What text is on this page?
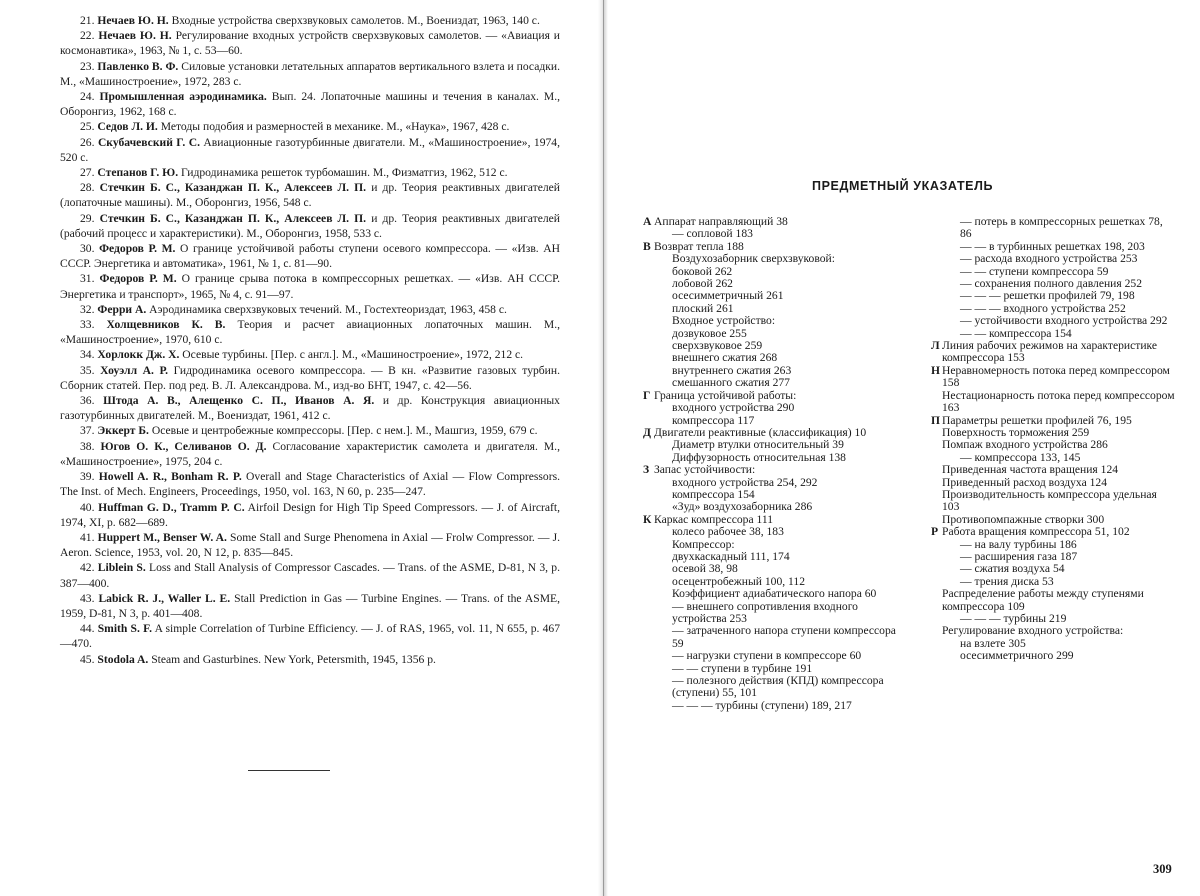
21. Нечаев Ю. Н. Входные устройства сверхзвуковых самолетов. М., Воениздат, 1963, 140 с.

22. Нечаев Ю. Н. Регулирование входных устройств сверхзвуковых самолетов. — «Авиация и космонавтика», 1963, № 1, с. 53—60.

23. Павленко В. Ф. Силовые установки летательных аппаратов вертикального взлета и посадки. М., «Машиностроение», 1972, 283 с.

24. Промышленная аэродинамика. Вып. 24. Лопаточные машины и течения в каналах. М., Оборонгиз, 1962, 168 с.

25. Седов Л. И. Методы подобия и размерностей в механике. М., «Наука», 1967, 428 с.

26. Скубачевский Г. С. Авиационные газотурбинные двигатели. М., «Машиностроение», 1974, 520 с.

27. Степанов Г. Ю. Гидродинамика решеток турбомашин. М., Физматгиз, 1962, 512 с.

28. Стечкин Б. С., Казанджан П. К., Алексеев Л. П. и др. Теория реактивных двигателей (лопаточные машины). М., Оборонгиз, 1956, 548 с.

29. Стечкин Б. С., Казанджан П. К., Алексеев Л. П. и др. Теория реактивных двигателей (рабочий процесс и характеристики). М., Оборонгиз, 1958, 533 с.

30. Федоров Р. М. О границе устойчивой работы ступени осевого компрессора. — «Изв. АН СССР. Энергетика и автоматика», 1961, № 1, с. 81—90.

31. Федоров Р. М. О границе срыва потока в компрессорных решетках. — «Изв. АН СССР. Энергетика и транспорт», 1965, № 4, с. 91—97.

32. Ферри А. Аэродинамика сверхзвуковых течений. М., Гостехтеориздат, 1963, 458 с.

33. Холщевников К. В. Теория и расчет авиационных лопаточных машин. М., «Машиностроение», 1970, 610 с.

34. Хорлокк Дж. Х. Осевые турбины. [Пер. с англ.]. М., «Машиностроение», 1972, 212 с.

35. Хоуэлл А. Р. Гидродинамика осевого компрессора. — В кн. «Развитие газовых турбин. Сборник статей. Пер. под ред. В. Л. Александрова. М., изд-во БНТ, 1947, с. 42—56.

36. Штода А. В., Алещенко С. П., Иванов А. Я. и др. Конструкция авиационных газотурбинных двигателей. М., Воениздат, 1961, 412 с.

37. Эккерт Б. Осевые и центробежные компрессоры. [Пер. с нем.]. М., Машгиз, 1959, 679 с.

38. Югов О. К., Селиванов О. Д. Согласование характеристик самолета и двигателя. М., «Машиностроение», 1975, 204 с.

39. Howell A. R., Bonham R. P. Overall and Stage Characteristics of Axial — Flow Compressors. The Inst. of Mech. Engineers, Proceedings, 1950, vol. 163, N 60, p. 235—247.

40. Huffman G. D., Tramm P. C. Airfoil Design for High Tip Speed Compressors. — J. of Aircraft, 1974, XI, p. 682—689.

41. Huppert M., Benser W. A. Some Stall and Surge Phenomena in Axial — Frolw Compressor. — J. Aeron. Science, 1953, vol. 20, N 12, p. 835—845.

42. Liblein S. Loss and Stall Analysis of Compressor Cascades. — Trans. of the ASME, D-81, N 3, p. 387—400.

43. Labick R. J., Waller L. E. Stall Prediction in Gas — Turbine Engines. — Trans. of the ASME, 1959, D-81, N 3, p. 401—408.

44. Smith S. F. A simple Correlation of Turbine Efficiency. — J. of RAS, 1965, vol. 11, N 655, p. 467—470.

45. Stodola A. Steam and Gasturbines. New York, Petersmith, 1945, 1356 p.

ПРЕДМЕТНЫЙ УКАЗАТЕЛЬ
А Аппарат направляющий 38
— сопловой 183
В Возврат тепла 188
Воздухозаборник сверхзвуковой:
боковой 262
лобовой 262
осесимметричный 261
плоский 261
Входное устройство:
дозвуковое 255
сверхзвуковое 259
внешнего сжатия 268
внутреннего сжатия 263
смешанного сжатия 277
Г Граница устойчивой работы:
входного устройства 290
компрессора 117
Д Двигатели реактивные (классификация) 10
Диаметр втулки относительный 39
Диффузорность относительная 138
З Запас устойчивости:
входного устройства 254, 292
компрессора 154
«Зуд» воздухозаборника 286
К Каркас компрессора 111
колесо рабочее 38, 183
Компрессор:
двухкаскадный 111, 174
осевой 38, 98
осецентробежный 100, 112
Коэффициент адиабатического напора 60
— внешнего сопротивления входного устройства 253
— затраченного напора ступени компрессора 59
— нагрузки ступени в компрессоре 60
— — ступени в турбине 191
— полезного действия (КПД) компрессора (ступени) 55, 101
— — — турбины (ступени) 189, 217
— потерь в компрессорных решетках 78, 86
— — в турбинных решетках 198, 203
— расхода входного устройства 253
— — ступени компрессора 59
— сохранения полного давления 252
— — — решетки профилей 79, 198
— — — входного устройства 252
— устойчивости входного устройства 292
— — компрессора 154
Л Линия рабочих режимов на характеристике компрессора 153
Н Неравномерность потока перед компрессором 158
Нестационарность потока перед компрессором 163
П Параметры решетки профилей 76, 195
Поверхность торможения 259
Помпаж входного устройства 286
— компрессора 133, 145
Приведенная частота вращения 124
Приведенный расход воздуха 124
Производительность компрессора удельная 103
Противопомпажные створки 300
Р Работа вращения компрессора 51, 102
— на валу турбины 186
— расширения газа 187
— сжатия воздуха 54
— трения диска 53
Распределение работы между ступенями компрессора 109
— — — турбины 219
Регулирование входного устройства:
на взлете 305
осесимметричного 299
309
